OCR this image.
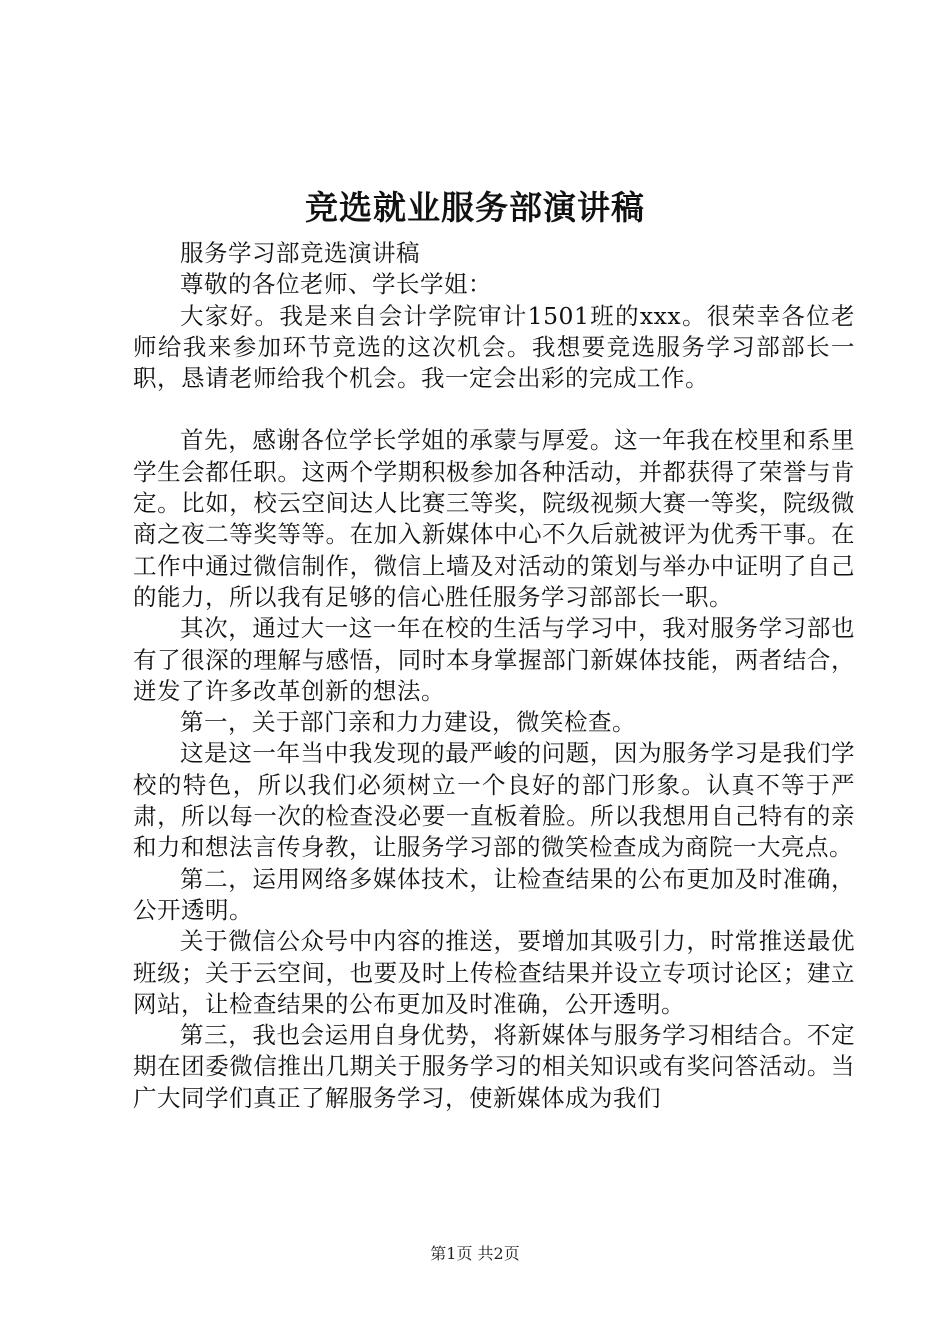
竞选就业服务部演讲稿

服务学习部竞选演讲稿

尊敬的各位老师、学长学姐：

大家好。我是来自会计学院审计1501班的xxx。很荣幸各位老师给我来参加环节竞选的这次机会。我想要竞选服务学习部部长一职，恳请老师给我个机会。我一定会出彩的完成工作。

首先，感谢各位学长学姐的承蒙与厚爱。这一年我在校里和系里学生会都任职。这两个学期积极参加各种活动，并都获得了荣誉与肯定。比如，校云空间达人比赛三等奖，院级视频大赛一等奖，院级微商之夜二等奖等等。在加入新媒体中心不久后就被评为优秀干事。在工作中通过微信制作，微信上墙及对活动的策划与举办中证明了自己的能力，所以我有足够的信心胜任服务学习部部长一职。

其次，通过大一这一年在校的生活与学习中，我对服务学习部也有了很深的理解与感悟，同时本身掌握部门新媒体技能，两者结合，迸发了许多改革创新的想法。

第一，关于部门亲和力力建设，微笑检查。

这是这一年当中我发现的最严峻的问题，因为服务学习是我们学校的特色，所以我们必须树立一个良好的部门形象。认真不等于严肃，所以每一次的检查没必要一直板着脸。所以我想用自己特有的亲和力和想法言传身教，让服务学习部的微笑检查成为商院一大亮点。

第二，运用网络多媒体技术，让检查结果的公布更加及时准确，公开透明。

关于微信公众号中内容的推送，要增加其吸引力，时常推送最优班级；关于云空间，也要及时上传检查结果并设立专项讨论区；建立网站，让检查结果的公布更加及时准确，公开透明。

第三，我也会运用自身优势，将新媒体与服务学习相结合。不定期在团委微信推出几期关于服务学习的相关知识或有奖问答活动。当广大同学们真正了解服务学习，使新媒体成为我们

第1页 共2页
